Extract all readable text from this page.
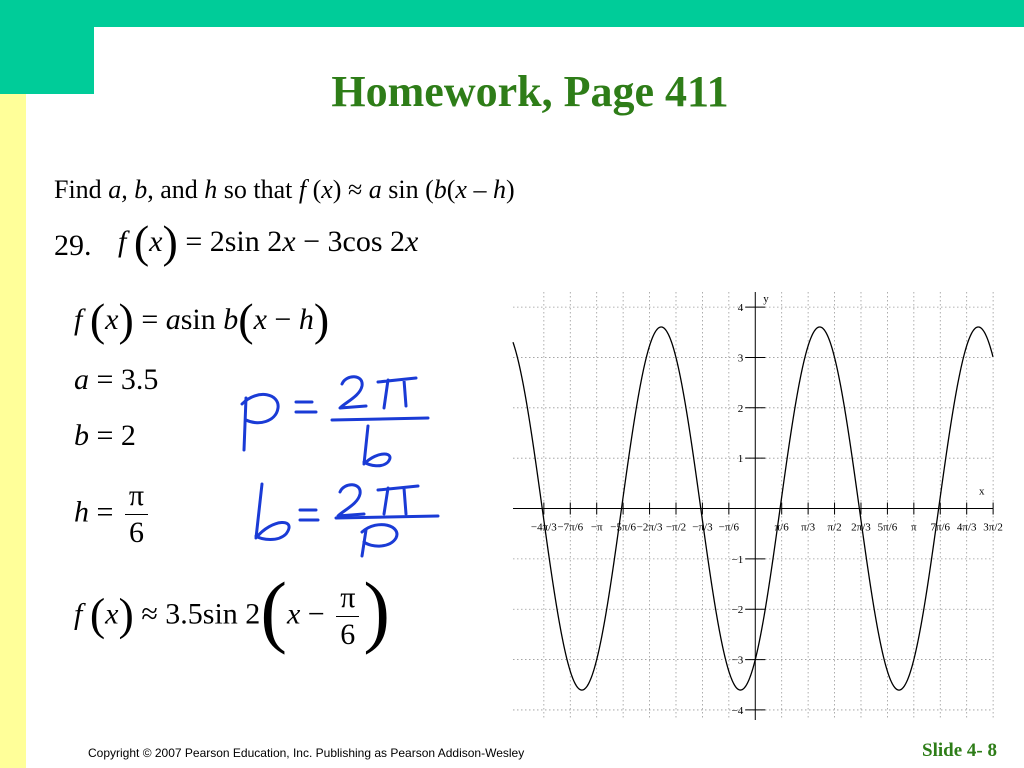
Homework, Page 411
Find a, b, and h so that f (x) ≈ a sin (b(x – h)
29. f (x) = 2sin 2x − 3cos 2x
f (x) = asin b(x − h)
a = 3.5
b = 2
$h = \frac{\pi}{6}$
f (x) ≈ 3.5sin $2(x - \frac{\pi}{6}$ )
x
y
4
3
2
1
−1
−2
−3
−4
−4π/3 −7π/6 −π −5π/6 −2π/3 −π/2 −π/3 −π/6	π/6 π/3 π/2 2π/3 5π/6 π 7π/6 4π/3 3π/2
Copyright © 2007 Pearson Education, Inc. Publishing as Pearson Addison-Wesley	Slide 4- 8
